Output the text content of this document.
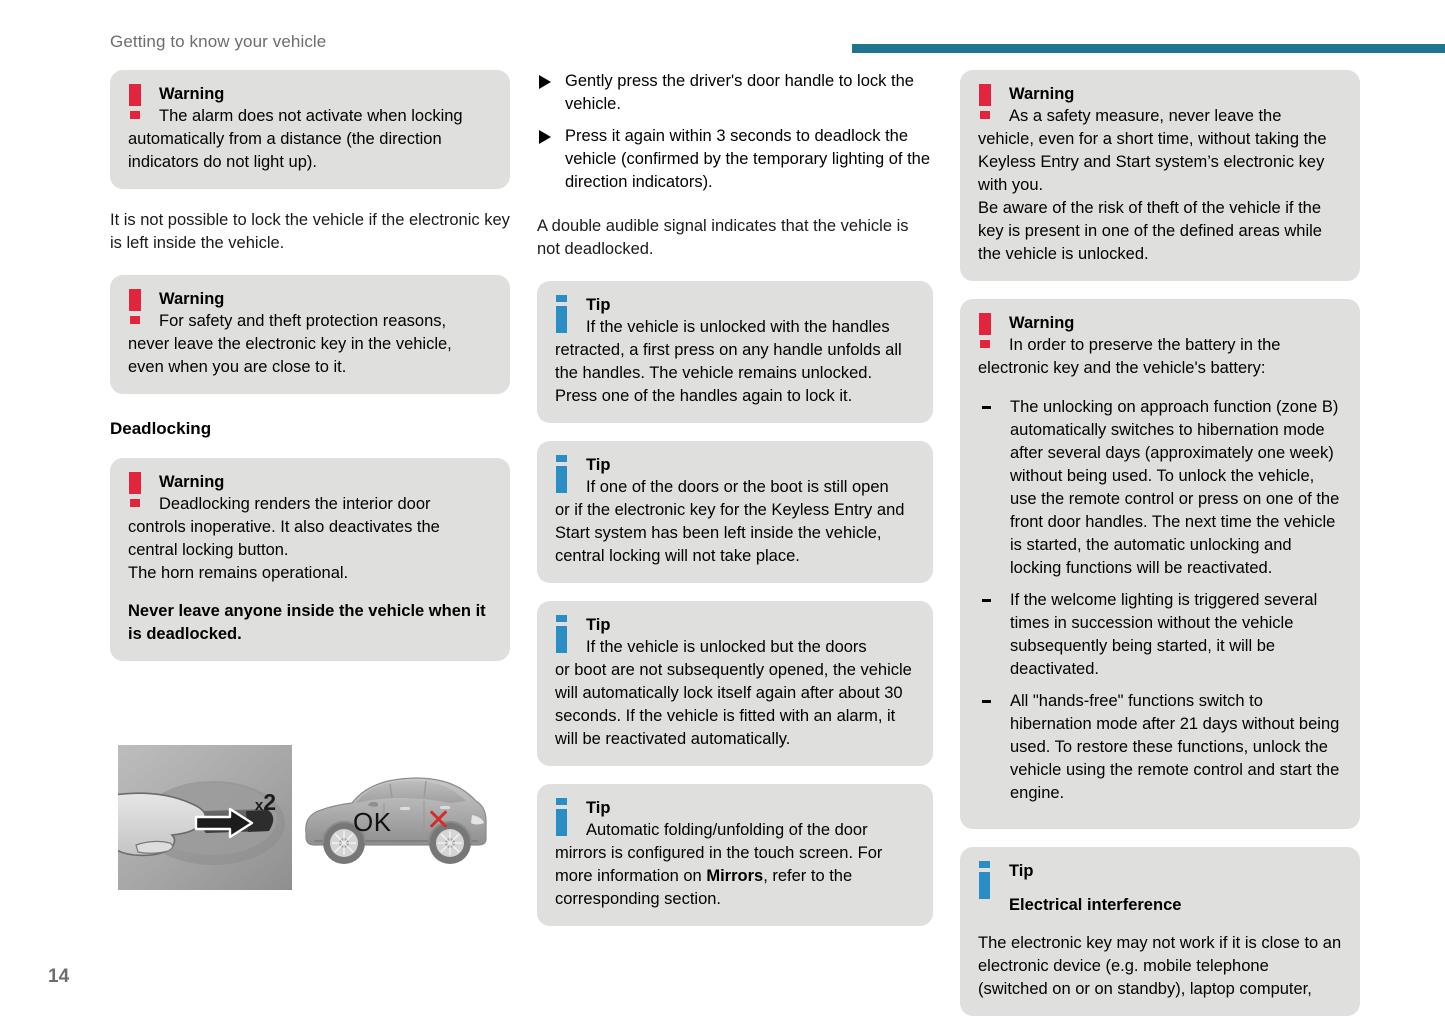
Getting to know your vehicle
Warning
The alarm does not activate when locking

automatically from a distance (the direction indicators do not light up).

It is not possible to lock the vehicle if the electronic key is left inside the vehicle.

Warning
For safety and theft protection reasons,

never leave the electronic key in the vehicle, even when you are close to it.

Deadlocking
Warning
Deadlocking renders the interior door

controls inoperative. It also deactivates the central locking button.

The horn remains operational.

Never leave anyone inside the vehicle when it is deadlocked.

x2
OK ✕
Gently press the driver's door handle to lock the vehicle.
Press it again within 3 seconds to deadlock the vehicle (confirmed by the temporary lighting of the direction indicators).

A double audible signal indicates that the vehicle is not deadlocked.

Tip
If the vehicle is unlocked with the handles

retracted, a first press on any handle unfolds all the handles. The vehicle remains unlocked.

Press one of the handles again to lock it.

Tip
If one of the doors or the boot is still open

or if the electronic key for the Keyless Entry and Start system has been left inside the vehicle, central locking will not take place.

Tip
If the vehicle is unlocked but the doors

or boot are not subsequently opened, the vehicle will automatically lock itself again after about 30 seconds. If the vehicle is fitted with an alarm, it will be reactivated automatically.

Tip
Automatic folding/unfolding of the door

mirrors is configured in the touch screen. For more information on Mirrors, refer to the corresponding section.

Warning
As a safety measure, never leave the

vehicle, even for a short time, without taking the Keyless Entry and Start system’s electronic key with you.

Be aware of the risk of theft of the vehicle if the key is present in one of the defined areas while the vehicle is unlocked.

Warning
In order to preserve the battery in the

electronic key and the vehicle's battery:

The unlocking on approach function (zone B) automatically switches to hibernation mode after several days (approximately one week) without being used. To unlock the vehicle, use the remote control or press on one of the front door handles. The next time the vehicle is started, the automatic unlocking and locking functions will be reactivated.
If the welcome lighting is triggered several times in succession without the vehicle subsequently being started, it will be deactivated.
All "hands-free" functions switch to hibernation mode after 21 days without being used. To restore these functions, unlock the vehicle using the remote control and start the engine.
Tip
Electrical interference

The electronic key may not work if it is close to an electronic device (e.g. mobile telephone (switched on or on standby), laptop computer,

14
